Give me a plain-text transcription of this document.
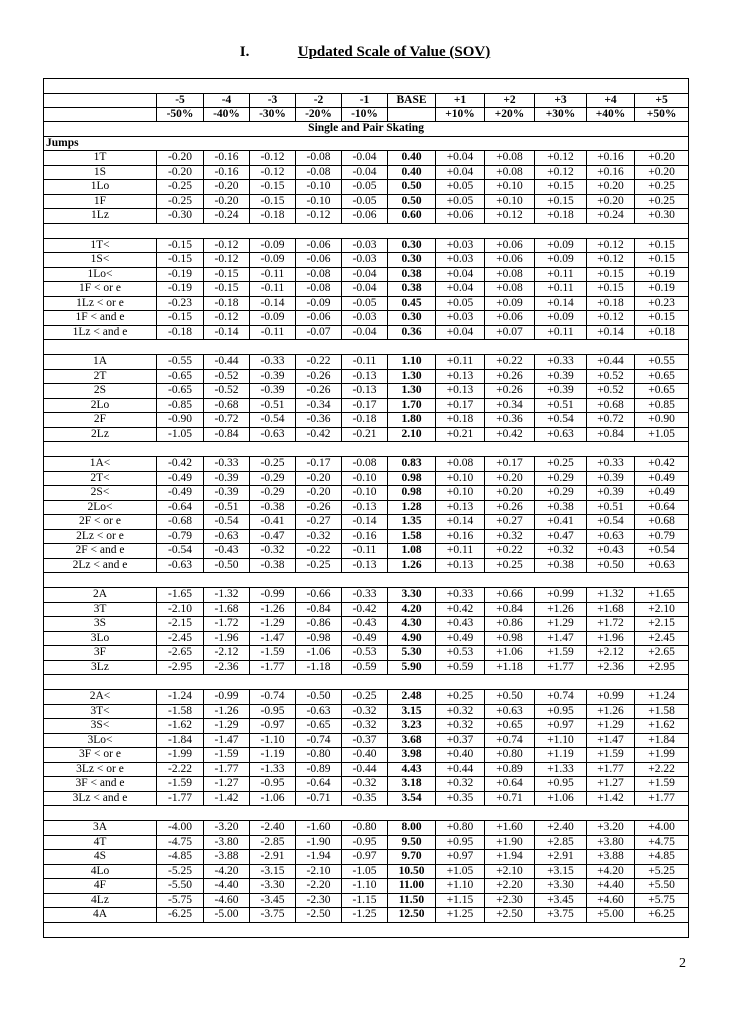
I.	Updated Scale of Value (SOV)

	-5	-4	-3	-2	-1	BASE	+1	+2	+3	+4	+5
	-50%	-40%	-30%	-20%	-10%		+10%	+20%	+30%	+40%	+50%
Single and Pair Skating											
Jumps											
1T	-0.20	-0.16	-0.12	-0.08	-0.04	0.40	+0.04	+0.08	+0.12	+0.16	+0.20
1S	-0.20	-0.16	-0.12	-0.08	-0.04	0.40	+0.04	+0.08	+0.12	+0.16	+0.20
1Lo	-0.25	-0.20	-0.15	-0.10	-0.05	0.50	+0.05	+0.10	+0.15	+0.20	+0.25
1F	-0.25	-0.20	-0.15	-0.10	-0.05	0.50	+0.05	+0.10	+0.15	+0.20	+0.25
1Lz	-0.30	-0.24	-0.18	-0.12	-0.06	0.60	+0.06	+0.12	+0.18	+0.24	+0.30

1T<	-0.15	-0.12	-0.09	-0.06	-0.03	0.30	+0.03	+0.06	+0.09	+0.12	+0.15
1S<	-0.15	-0.12	-0.09	-0.06	-0.03	0.30	+0.03	+0.06	+0.09	+0.12	+0.15
1Lo<	-0.19	-0.15	-0.11	-0.08	-0.04	0.38	+0.04	+0.08	+0.11	+0.15	+0.19
1F < or e	-0.19	-0.15	-0.11	-0.08	-0.04	0.38	+0.04	+0.08	+0.11	+0.15	+0.19
1Lz < or e	-0.23	-0.18	-0.14	-0.09	-0.05	0.45	+0.05	+0.09	+0.14	+0.18	+0.23
1F < and e	-0.15	-0.12	-0.09	-0.06	-0.03	0.30	+0.03	+0.06	+0.09	+0.12	+0.15
1Lz < and e	-0.18	-0.14	-0.11	-0.07	-0.04	0.36	+0.04	+0.07	+0.11	+0.14	+0.18

1A	-0.55	-0.44	-0.33	-0.22	-0.11	1.10	+0.11	+0.22	+0.33	+0.44	+0.55
2T	-0.65	-0.52	-0.39	-0.26	-0.13	1.30	+0.13	+0.26	+0.39	+0.52	+0.65
2S	-0.65	-0.52	-0.39	-0.26	-0.13	1.30	+0.13	+0.26	+0.39	+0.52	+0.65
2Lo	-0.85	-0.68	-0.51	-0.34	-0.17	1.70	+0.17	+0.34	+0.51	+0.68	+0.85
2F	-0.90	-0.72	-0.54	-0.36	-0.18	1.80	+0.18	+0.36	+0.54	+0.72	+0.90
2Lz	-1.05	-0.84	-0.63	-0.42	-0.21	2.10	+0.21	+0.42	+0.63	+0.84	+1.05

1A<	-0.42	-0.33	-0.25	-0.17	-0.08	0.83	+0.08	+0.17	+0.25	+0.33	+0.42
2T<	-0.49	-0.39	-0.29	-0.20	-0.10	0.98	+0.10	+0.20	+0.29	+0.39	+0.49
2S<	-0.49	-0.39	-0.29	-0.20	-0.10	0.98	+0.10	+0.20	+0.29	+0.39	+0.49
2Lo<	-0.64	-0.51	-0.38	-0.26	-0.13	1.28	+0.13	+0.26	+0.38	+0.51	+0.64
2F < or e	-0.68	-0.54	-0.41	-0.27	-0.14	1.35	+0.14	+0.27	+0.41	+0.54	+0.68
2Lz < or e	-0.79	-0.63	-0.47	-0.32	-0.16	1.58	+0.16	+0.32	+0.47	+0.63	+0.79
2F < and e	-0.54	-0.43	-0.32	-0.22	-0.11	1.08	+0.11	+0.22	+0.32	+0.43	+0.54
2Lz < and e	-0.63	-0.50	-0.38	-0.25	-0.13	1.26	+0.13	+0.25	+0.38	+0.50	+0.63

2A	-1.65	-1.32	-0.99	-0.66	-0.33	3.30	+0.33	+0.66	+0.99	+1.32	+1.65
3T	-2.10	-1.68	-1.26	-0.84	-0.42	4.20	+0.42	+0.84	+1.26	+1.68	+2.10
3S	-2.15	-1.72	-1.29	-0.86	-0.43	4.30	+0.43	+0.86	+1.29	+1.72	+2.15
3Lo	-2.45	-1.96	-1.47	-0.98	-0.49	4.90	+0.49	+0.98	+1.47	+1.96	+2.45
3F	-2.65	-2.12	-1.59	-1.06	-0.53	5.30	+0.53	+1.06	+1.59	+2.12	+2.65
3Lz	-2.95	-2.36	-1.77	-1.18	-0.59	5.90	+0.59	+1.18	+1.77	+2.36	+2.95

2A<	-1.24	-0.99	-0.74	-0.50	-0.25	2.48	+0.25	+0.50	+0.74	+0.99	+1.24
3T<	-1.58	-1.26	-0.95	-0.63	-0.32	3.15	+0.32	+0.63	+0.95	+1.26	+1.58
3S<	-1.62	-1.29	-0.97	-0.65	-0.32	3.23	+0.32	+0.65	+0.97	+1.29	+1.62
3Lo<	-1.84	-1.47	-1.10	-0.74	-0.37	3.68	+0.37	+0.74	+1.10	+1.47	+1.84
3F < or e	-1.99	-1.59	-1.19	-0.80	-0.40	3.98	+0.40	+0.80	+1.19	+1.59	+1.99
3Lz < or e	-2.22	-1.77	-1.33	-0.89	-0.44	4.43	+0.44	+0.89	+1.33	+1.77	+2.22
3F < and e	-1.59	-1.27	-0.95	-0.64	-0.32	3.18	+0.32	+0.64	+0.95	+1.27	+1.59
3Lz < and e	-1.77	-1.42	-1.06	-0.71	-0.35	3.54	+0.35	+0.71	+1.06	+1.42	+1.77

3A	-4.00	-3.20	-2.40	-1.60	-0.80	8.00	+0.80	+1.60	+2.40	+3.20	+4.00
4T	-4.75	-3.80	-2.85	-1.90	-0.95	9.50	+0.95	+1.90	+2.85	+3.80	+4.75
4S	-4.85	-3.88	-2.91	-1.94	-0.97	9.70	+0.97	+1.94	+2.91	+3.88	+4.85
4Lo	-5.25	-4.20	-3.15	-2.10	-1.05	10.50	+1.05	+2.10	+3.15	+4.20	+5.25
4F	-5.50	-4.40	-3.30	-2.20	-1.10	11.00	+1.10	+2.20	+3.30	+4.40	+5.50
4Lz	-5.75	-4.60	-3.45	-2.30	-1.15	11.50	+1.15	+2.30	+3.45	+4.60	+5.75
4A	-6.25	-5.00	-3.75	-2.50	-1.25	12.50	+1.25	+2.50	+3.75	+5.00	+6.25

2
